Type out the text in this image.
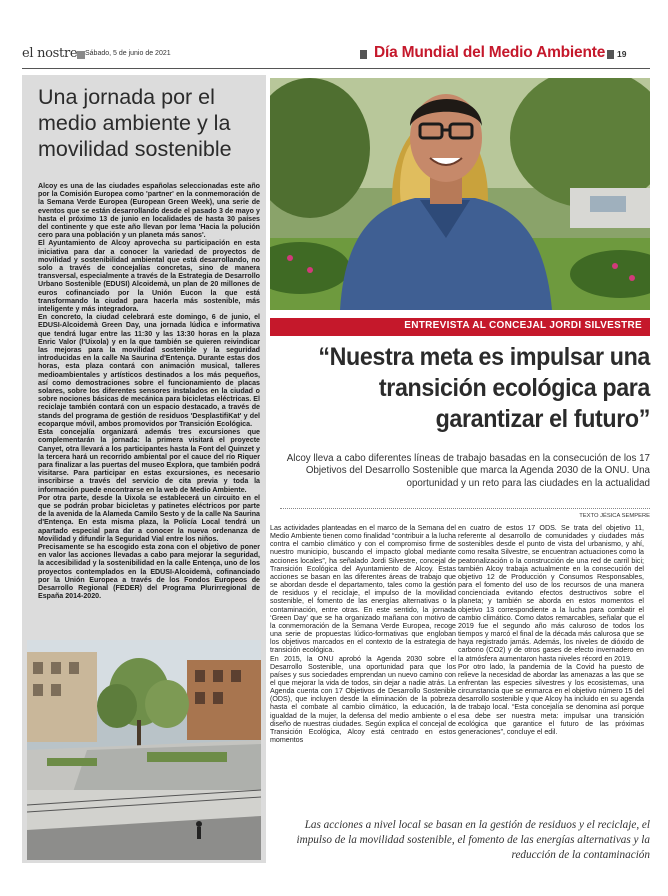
el nostre Sábado, 5 de junio de 2021	Día Mundial del Medio Ambiente 19
Una jornada por el medio ambiente y la movilidad sostenible

Alcoy es una de las ciudades españolas seleccionadas este año por la Comisión Europea como 'partner' en la conmemoración de la Semana Verde Europea (European Green Week), una serie de eventos que se están desarrollando desde el pasado 3 de mayo y hasta el próximo 13 de junio en localidades de hasta 30 países del continente y que este año llevan por lema 'Hacia la polución cero para una población y un planeta más sanos'.

El Ayuntamiento de Alcoy aprovecha su participación en esta iniciativa para dar a conocer la variedad de proyectos de movilidad y sostenibilidad ambiental que está desarrollando, no solo a través de concejalías concretas, sino de manera transversal, especialmente a través de la Estrategia de Desarrollo Urbano Sostenible (EDUSI) Alcoidemà, un plan de 20 millones de euros cofinanciado por la Unión Eucon la que está transformando la ciudad para hacerla más sostenible, más inteligente y más integradora.

En concreto, la ciudad celebrará este domingo, 6 de junio, el EDUSI-Alcoidemà Green Day, una jornada lúdica e informativa que tendrá lugar entre las 11:30 y las 13:30 horas en la plaza Enric Valor (l'Uixola) y en la que también se quieren reivindicar las mejoras para la movilidad sostenible y la seguridad introducidas en la calle Na Saurina d'Entença. Durante estas dos horas, esta plaza contará con animación musical, talleres medioambientales y artísticos destinados a los más pequeños, así como demostraciones sobre el funcionamiento de placas solares, sobre los diferentes sensores instalados en la ciudad o sobre nociones básicas de mecánica para bicicletas eléctricas. El reciclaje también contará con un espacio destacado, a través de stands del programa de gestión de residuos 'DesplastifiKat' y del ecoparque móvil, ambos promovidos por Transición Ecológica.

Esta concejalía organizará además tres excursiones que complementarán la jornada: la primera visitará el proyecte Canyet, otra llevará a los participantes hasta la Font del Quinzet y la tercera hará un recorrido ambiental por el cauce del río Riquer para finalizar a las puertas del museo Explora, que también podrá visitarse. Para participar en estas excursiones, es necesario inscribirse a través del servicio de cita previa y toda la información puede encontrarse en la web de Medio Ambiente.

Por otra parte, desde la Uixola se establecerá un circuito en el que se podrán probar bicicletas y patinetes eléctricos por parte de la avenida de la Alameda Camilo Sesto y de la calle Na Saurina d'Entença. En esta misma plaza, la Policía Local tendrá un apartado especial para dar a conocer la nueva ordenanza de Movilidad y difundir la Seguridad Vial entre los niños.

Precisamente se ha escogido esta zona con el objetivo de poner en valor las acciones llevadas a cabo para mejorar la seguridad, la accesibilidad y la sostenibilidad en la calle Entença, uno de los proyectos contemplados en la EDUSI-Alcoidemà, cofinanciado por la Unión Europea a través de los Fondos Europeos de Desarrollo Regional (FEDER) del Programa Plurirregional de España 2014-2020.

ENTREVISTA AL CONCEJAL JORDI SILVESTRE
“Nuestra meta es impulsar una transición ecológica para garantizar el futuro”

Alcoy lleva a cabo diferentes líneas de trabajo basadas en la consecución de los 17 Objetivos del Desarrollo Sostenible que marca la Agenda 2030 de la ONU. Una oportunidad y un reto para las ciudades en la actualidad

TEXTO JÉSICA SEMPERE

Las actividades planteadas en el marco de la Semana del Medio Ambiente tienen como finalidad “contribuir a la lucha contra el cambio climático y con el compromiso firme de nuestro municipio, buscando el impacto global mediante acciones locales”, ha señalado Jordi Silvestre, concejal de Transición Ecológica del Ayuntamiento de Alcoy. Estas acciones se basan en las diferentes áreas de trabajo que se abordan desde el departamento, tales como la gestión de residuos y el reciclaje, el impulso de la movilidad sostenible, el fomento de las energías alternativas o la contaminación, entre otras. En este sentido, la jornada ‘Green Day’ que se ha organizado mañana con motivo de la conmemoración de la Semana Verde Europea, recoge una serie de propuestas lúdico-formativas que engloban los objetivos marcados en el contexto de la estrategia de transición ecológica.

En 2015, la ONU aprobó la Agenda 2030 sobre el Desarrollo Sostenible, una oportunidad para que los países y sus sociedades emprendan un nuevo camino con el que mejorar la vida de todos, sin dejar a nadie atrás. La Agenda cuenta con 17 Objetivos de Desarrollo Sostenible (ODS), que incluyen desde la eliminación de la pobreza hasta el combate al cambio climático, la educación, la igualdad de la mujer, la defensa del medio ambiente o el diseño de nuestras ciudades. Según explica el concejal de Transición Ecológica, Alcoy está centrado en estos momentos

en cuatro de estos 17 ODS. Se trata del objetivo 11, referente al desarrollo de comunidades y ciudades más sostenibles desde el punto de vista del urbanismo, y ahí, como resalta Silvestre, se encuentran actuaciones como la peatonalización o la construcción de una red de carril bici; también Alcoy trabaja actualmente en la consecución del objetivo 12 de Producción y Consumos Responsables, para el fomento del uso de los recursos de una manera concienciada evitando efectos destructivos sobre el planeta; y también se aborda en estos momentos el objetivo 13 correspondiente a la lucha para combatir el cambio climático. Como datos remarcables, señalar que el 2019 fue el segundo año más caluroso de todos los tiempos y marcó el final de la década más calurosa que se haya registrado jamás. Además, los niveles de dióxido de carbono (CO2) y de otros gases de efecto invernadero en la atmósfera aumentaron hasta niveles récord en 2019.

Por otro lado, la pandemia de la Covid ha puesto de relieve la necesidad de abordar las amenazas a las que se enfrentan las especies silvestres y los ecosistemas, una circunstancia que se enmarca en el objetivo número 15 del desarrollo sostenible y que Alcoy ha incluido en su agenda de trabajo local. “Esta concejalía se denomina así porque esa debe ser nuestra meta: impulsar una transición ecológica que garantice el futuro de las próximas generaciones”, concluye el edil.

Las acciones a nivel local se basan en la gestión de residuos y el reciclaje, el impulso de la movilidad sostenible, el fomento de las energías alternativas y la reducción de la contaminación
